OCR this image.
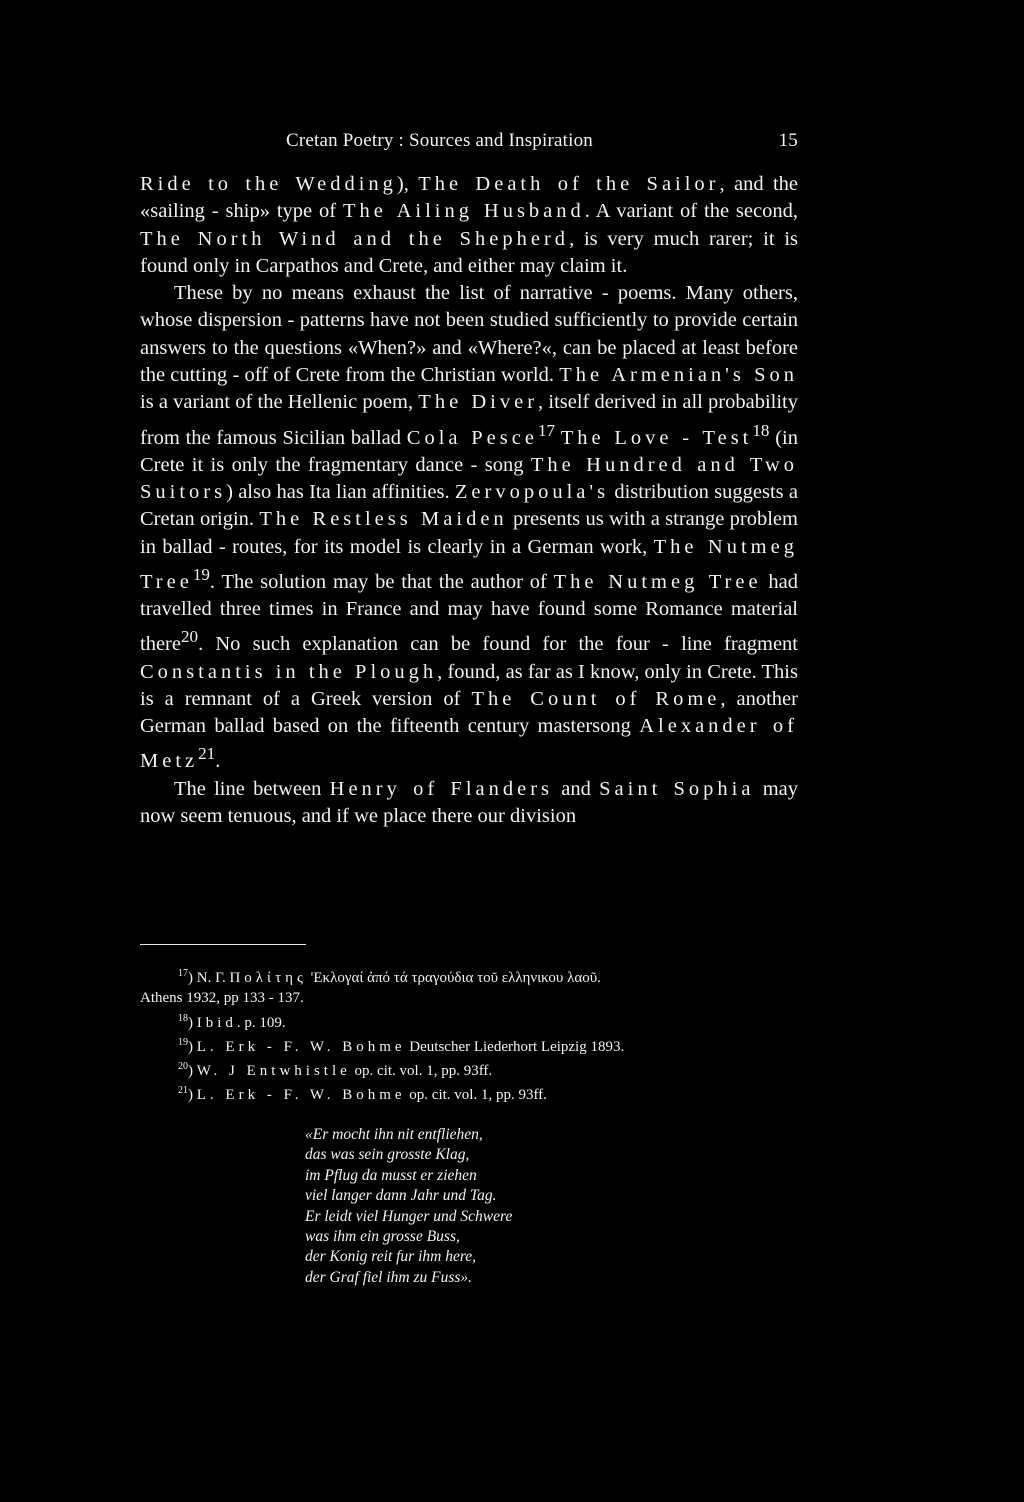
Cretan Poetry : Sources and Inspiration	15

Ride to the Wedding), The Death of the Sailor, and the «sailing - ship» type of The Ailing Husband. A variant of the second, The North Wind and the Shepherd, is very much rarer; it is found only in Carpathos and Crete, and either may claim it.

These by no means exhaust the list of narrative - poems. Many others, whose dispersion - patterns have not been studied sufficiently to provide certain answers to the questions «When?» and «Where?«, can be placed at least before the cutting - off of Crete from the Christian world. The Armenian's Son is a variant of the Hellenic poem, The Diver, itself derived in all probability from the famous Sicilian ballad Cola Pesce$^{17}$ The Love - Test$^{18}$ (in Crete it is only the fragmentary dance - song The Hundred and Two Suitors) also has Ita lian affinities. Zervopoula's distribution suggests a Cretan origin. The Restless Maiden presents us with a strange problem in ballad - routes, for its model is clearly in a German work, The Nutmeg Tree$^{19}$. The solution may be that the author of The Nutmeg Tree had travelled three times in France and may have found some Romance material there$^{20}$. No such explanation can be found for the four - line fragment Constantis in the Plough, found, as far as I know, only in Crete. This is a remnant of a Greek version of The Count of Rome, another German ballad based on the fifteenth century mastersong Alexander of Metz$^{21}$.

The line between Henry of Flanders and Saint Sophia may now seem tenuous, and if we place there our division

$^{17}$) N. Γ. Πολίτης 'Εκλογαί ἀπό τά τραγούδια τοῦ ελληνικου λαοῦ.
Athens 1932, pp 133 - 137.
$^{18}$) Ibid. p. 109.
$^{19}$) L. Erk - F. W. Bohme Deutscher Liederhort Leipzig 1893.
$^{20}$) W. J Entwhistle op. cit. vol. 1, pp. 93ff.
$^{21}$) L. Erk - F. W. Bohme op. cit. vol. 1, pp. 93ff.
«Er mocht ihn nit entfliehen,
das was sein grosste Klag,
im Pflug da musst er ziehen
viel langer dann Jahr und Tag.
Er leidt viel Hunger und Schwere
was ihm ein grosse Buss,
der Konig reit fur ihm here,
der Graf fiel ihm zu Fuss».
